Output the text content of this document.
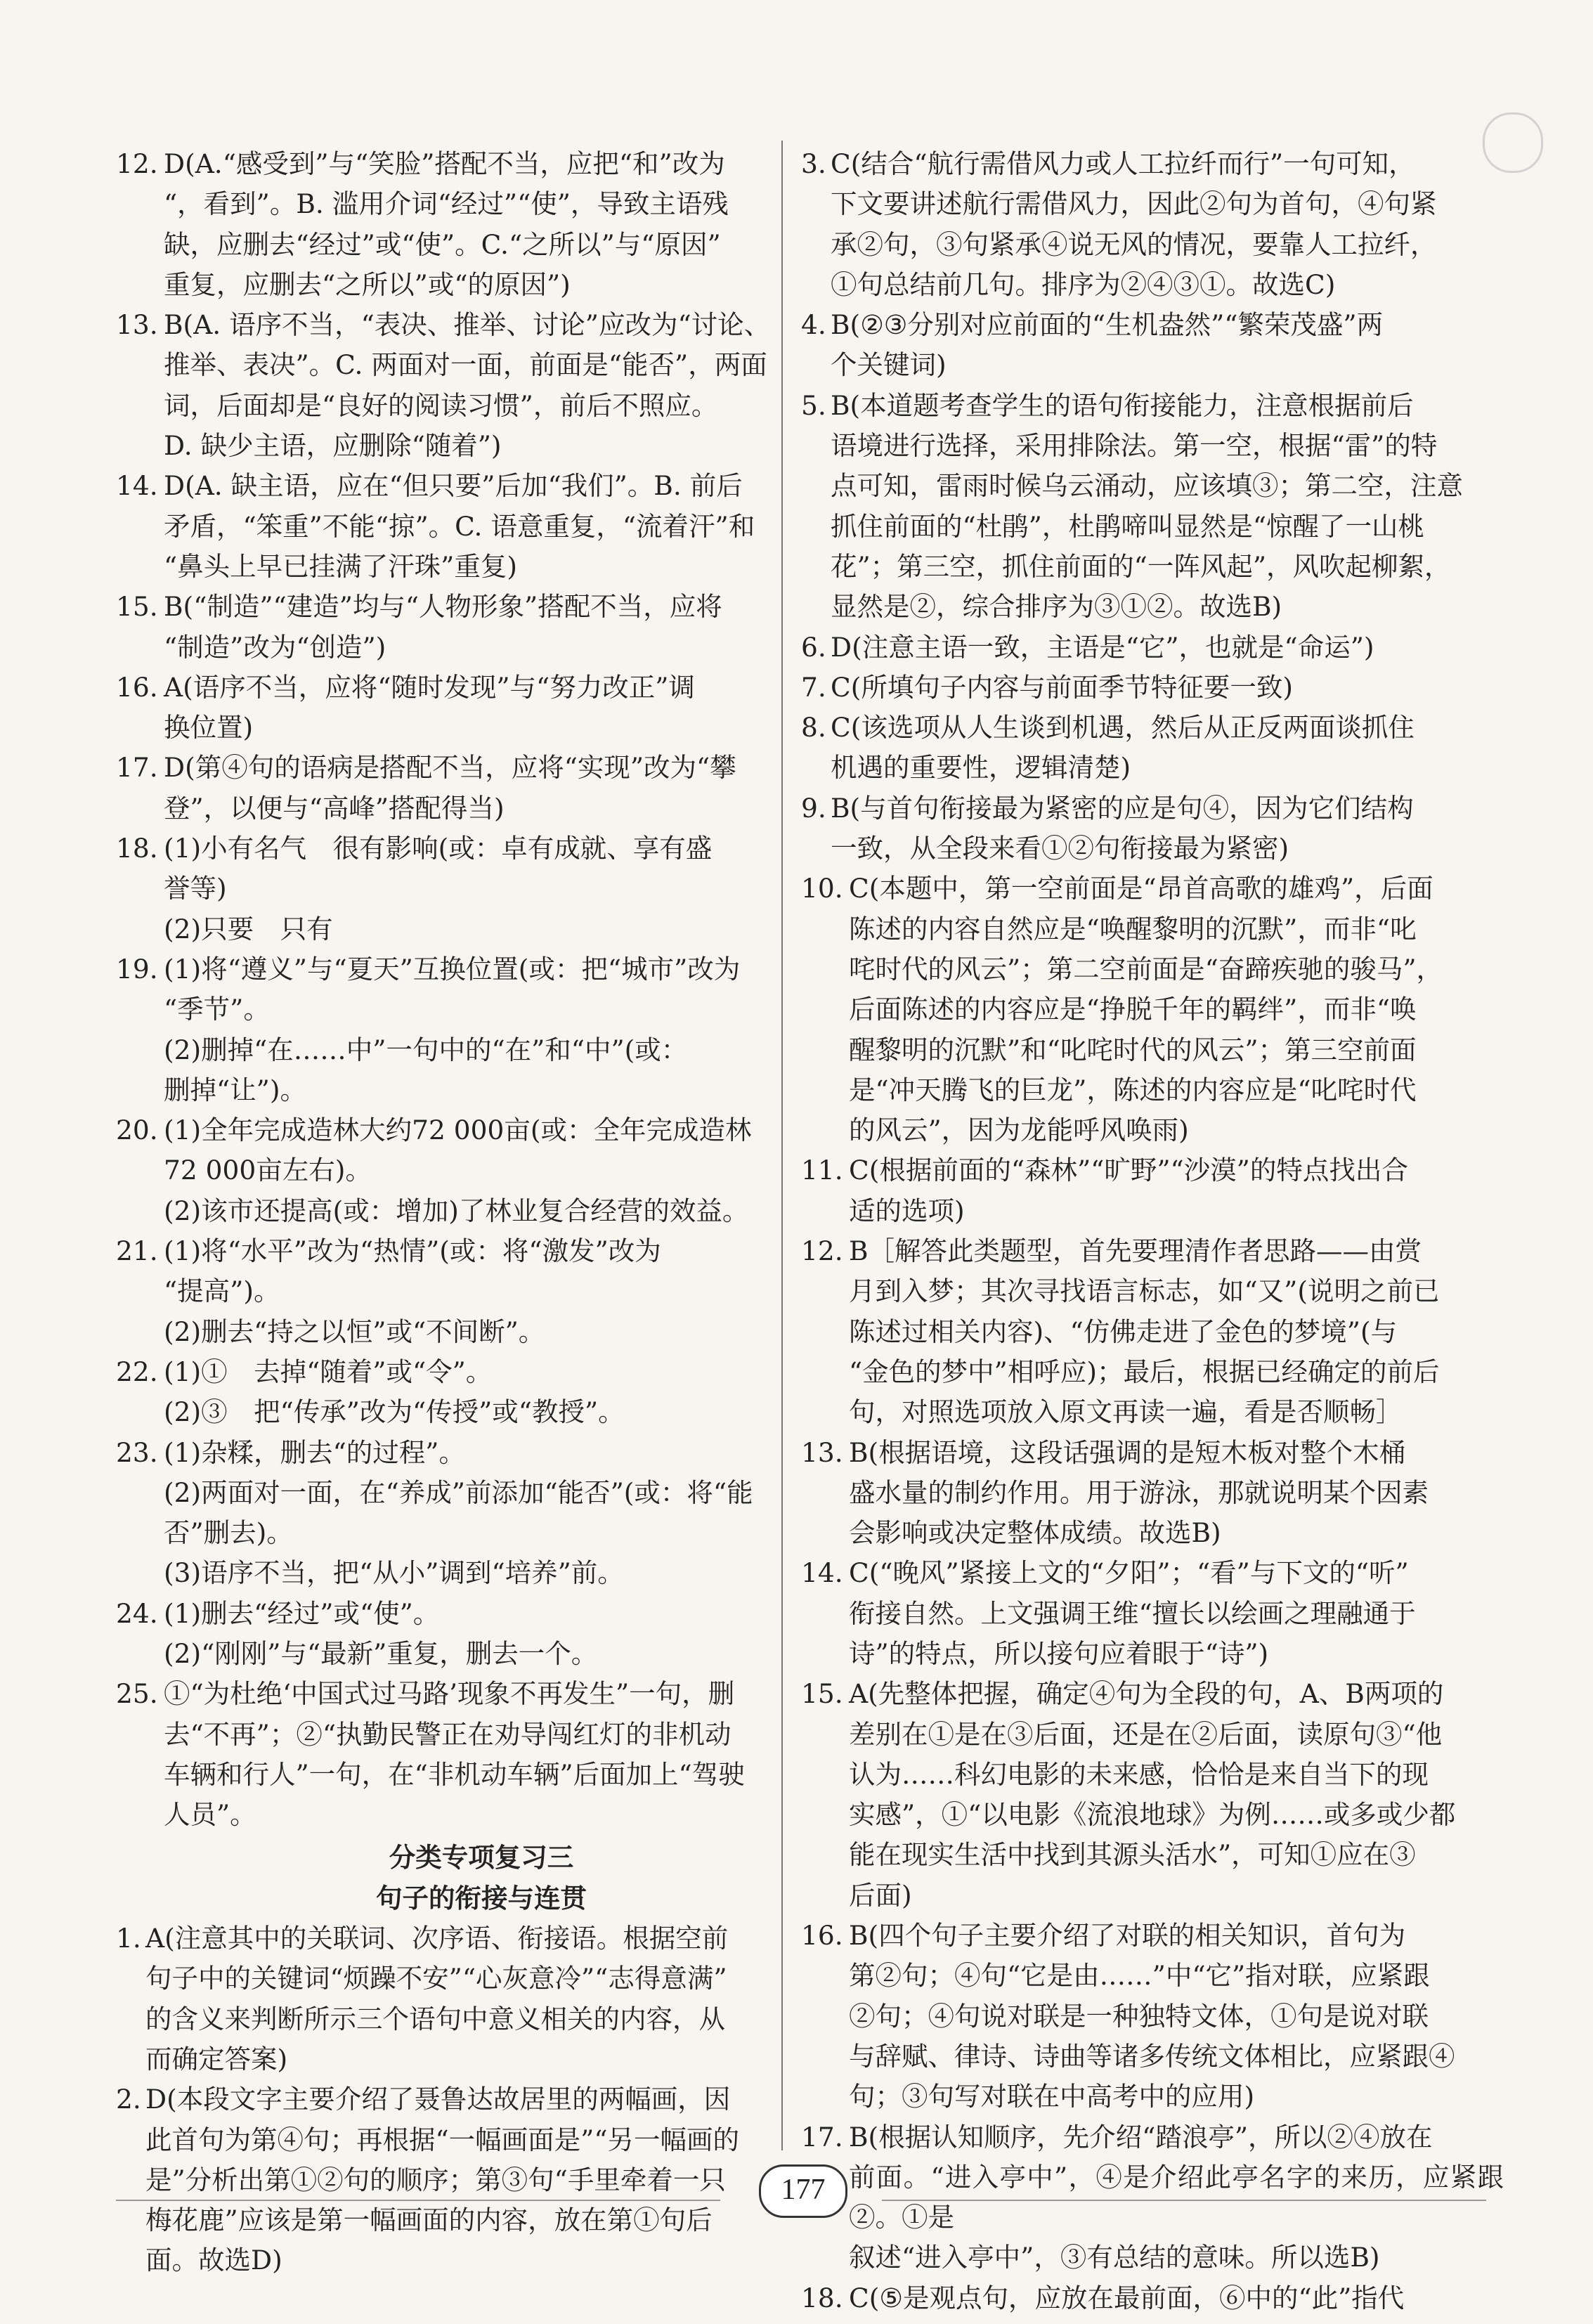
12. D(A.“感受到”与“笑脸”搭配不当，应把“和”改为
“，看到”。B. 滥用介词“经过”“使”，导致主语残
缺，应删去“经过”或“使”。C.“之所以”与“原因”
重复，应删去“之所以”或“的原因”)
13. B(A. 语序不当，“表决、推举、讨论”应改为“讨论、
推举、表决”。C. 两面对一面，前面是“能否”，两面
词，后面却是“良好的阅读习惯”，前后不照应。
D. 缺少主语，应删除“随着”)
14. D(A. 缺主语，应在“但只要”后加“我们”。B. 前后
矛盾，“笨重”不能“掠”。C. 语意重复，“流着汗”和
“鼻头上早已挂满了汗珠”重复)
15. B(“制造”“建造”均与“人物形象”搭配不当，应将
“制造”改为“创造”)
16. A(语序不当，应将“随时发现”与“努力改正”调
换位置)
17. D(第④句的语病是搭配不当，应将“实现”改为“攀
登”，以便与“高峰”搭配得当)
18. (1)小有名气　很有影响(或：卓有成就、享有盛
誉等)
(2)只要　只有
19. (1)将“遵义”与“夏天”互换位置(或：把“城市”改为
“季节”。
(2)删掉“在……中”一句中的“在”和“中”(或：
删掉“让”)。
20. (1)全年完成造林大约72 000亩(或：全年完成造林
72 000亩左右)。
(2)该市还提高(或：增加)了林业复合经营的效益。
21. (1)将“水平”改为“热情”(或：将“激发”改为
“提高”)。
(2)删去“持之以恒”或“不间断”。
22. (1)①　去掉“随着”或“令”。
(2)③　把“传承”改为“传授”或“教授”。
23. (1)杂糅，删去“的过程”。
(2)两面对一面，在“养成”前添加“能否”(或：将“能
否”删去)。
(3)语序不当，把“从小”调到“培养”前。
24. (1)删去“经过”或“使”。
(2)“刚刚”与“最新”重复，删去一个。
25. ①“为杜绝‘中国式过马路’现象不再发生”一句，删
去“不再”；②“执勤民警正在劝导闯红灯的非机动
车辆和行人”一句，在“非机动车辆”后面加上“驾驶
人员”。
分类专项复习三
句子的衔接与连贯
1. A(注意其中的关联词、次序语、衔接语。根据空前
句子中的关键词“烦躁不安”“心灰意冷”“志得意满”
的含义来判断所示三个语句中意义相关的内容，从
而确定答案)
2. D(本段文字主要介绍了聂鲁达故居里的两幅画，因
此首句为第④句；再根据“一幅画面是”“另一幅画的
是”分析出第①②句的顺序；第③句“手里牵着一只
梅花鹿”应该是第一幅画面的内容，放在第①句后
面。故选D)
3. C(结合“航行需借风力或人工拉纤而行”一句可知，
下文要讲述航行需借风力，因此②句为首句，④句紧
承②句，③句紧承④说无风的情况，要靠人工拉纤，
①句总结前几句。排序为②④③①。故选C)
4. B(②③分别对应前面的“生机盎然”“繁荣茂盛”两
个关键词)
5. B(本道题考查学生的语句衔接能力，注意根据前后
语境进行选择，采用排除法。第一空，根据“雷”的特
点可知，雷雨时候乌云涌动，应该填③；第二空，注意
抓住前面的“杜鹃”，杜鹃啼叫显然是“惊醒了一山桃
花”；第三空，抓住前面的“一阵风起”，风吹起柳絮，
显然是②，综合排序为③①②。故选B)
6. D(注意主语一致，主语是“它”，也就是“命运”)
7. C(所填句子内容与前面季节特征要一致)
8. C(该选项从人生谈到机遇，然后从正反两面谈抓住
机遇的重要性，逻辑清楚)
9. B(与首句衔接最为紧密的应是句④，因为它们结构
一致，从全段来看①②句衔接最为紧密)
10. C(本题中，第一空前面是“昂首高歌的雄鸡”，后面
陈述的内容自然应是“唤醒黎明的沉默”，而非“叱
咤时代的风云”；第二空前面是“奋蹄疾驰的骏马”，
后面陈述的内容应是“挣脱千年的羁绊”，而非“唤
醒黎明的沉默”和“叱咤时代的风云”；第三空前面
是“冲天腾飞的巨龙”，陈述的内容应是“叱咤时代
的风云”，因为龙能呼风唤雨)
11. C(根据前面的“森林”“旷野”“沙漠”的特点找出合
适的选项)
12. B［解答此类题型，首先要理清作者思路——由赏
月到入梦；其次寻找语言标志，如“又”(说明之前已
陈述过相关内容)、“仿佛走进了金色的梦境”(与
“金色的梦中”相呼应)；最后，根据已经确定的前后
句，对照选项放入原文再读一遍，看是否顺畅］
13. B(根据语境，这段话强调的是短木板对整个木桶
盛水量的制约作用。用于游泳，那就说明某个因素
会影响或决定整体成绩。故选B)
14. C(“晚风”紧接上文的“夕阳”；“看”与下文的“听”
衔接自然。上文强调王维“擅长以绘画之理融通于
诗”的特点，所以接句应着眼于“诗”)
15. A(先整体把握，确定④句为全段的句，A、B两项的
差别在①是在③后面，还是在②后面，读原句③“他
认为……科幻电影的未来感，恰恰是来自当下的现
实感”，①“以电影《流浪地球》为例……或多或少都
能在现实生活中找到其源头活水”，可知①应在③
后面)
16. B(四个句子主要介绍了对联的相关知识，首句为
第②句；④句“它是由……”中“它”指对联，应紧跟
②句；④句说对联是一种独特文体，①句是说对联
与辞赋、律诗、诗曲等诸多传统文体相比，应紧跟④
句；③句写对联在中高考中的应用)
17. B(根据认知顺序，先介绍“踏浪亭”，所以②④放在
前面。“进入亭中”，④是介绍此亭名字的来历，应紧跟②。①是
叙述“进入亭中”，③有总结的意味。所以选B)
18. C(⑤是观点句，应放在最前面，⑥中的“此”指代
177
